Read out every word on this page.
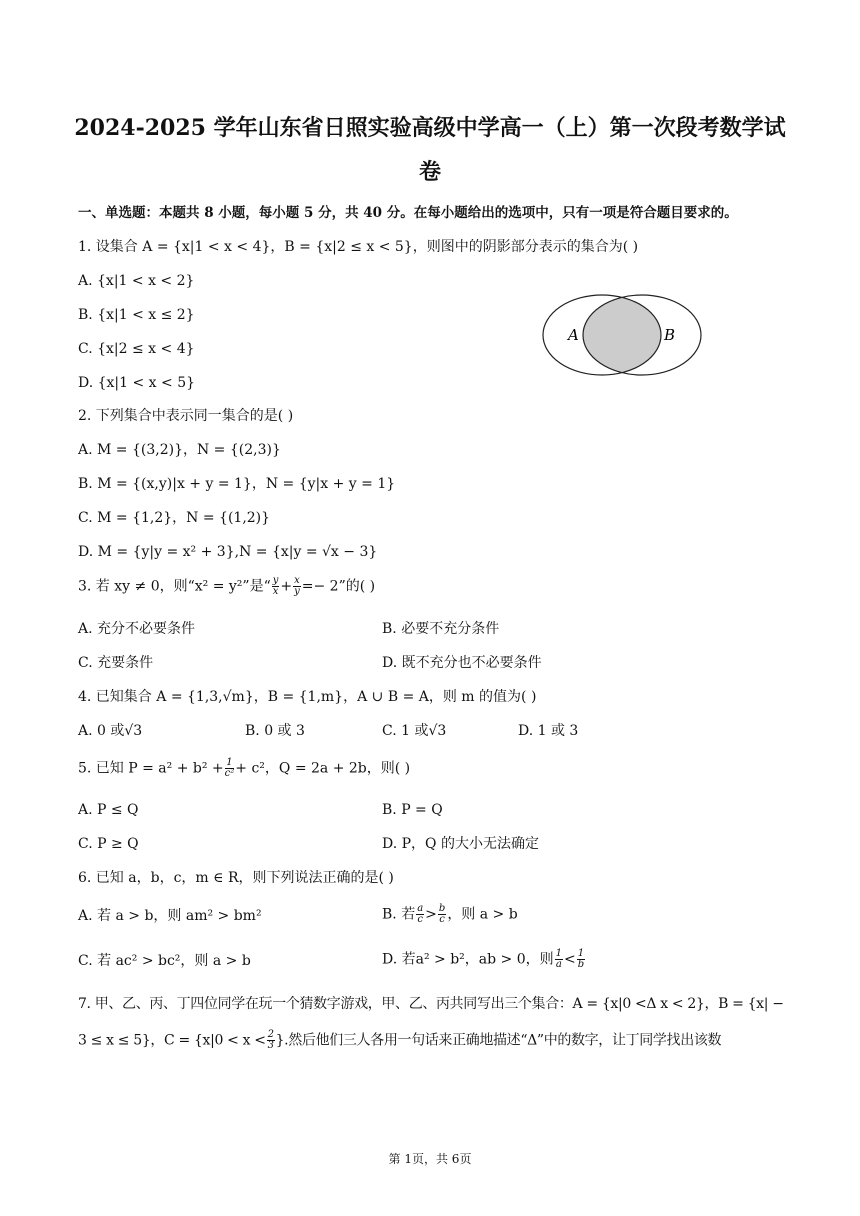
2024-2025 学年山东省日照实验高级中学高一（上）第一次段考数学试
卷
一、单选题：本题共 8 小题，每小题 5 分，共 40 分。在每小题给出的选项中，只有一项是符合题目要求的。
1. 设集合 A = {x|1 < x < 4}，B = {x|2 ≤ x < 5}，则图中的阴影部分表示的集合为( )
A. {x|1 < x < 2}
B. {x|1 < x ≤ 2}
C. {x|2 ≤ x < 4}
D. {x|1 < x < 5}
A	B
2. 下列集合中表示同一集合的是( )
A. M = {(3,2)}，N = {(2,3)}
B. M = {(x,y)|x + y = 1}，N = {y|x + y = 1}
C. M = {1,2}，N = {(1,2)}
D. M = {y|y = x² + 3},N = {x|y = √x − 3}
3. 若 xy ≠ 0，则“x² = y²”是“ $\frac{y}{x} + \frac{x}{y} =- 2$”的( )
A. 充分不必要条件	B. 必要不充分条件
C. 充要条件	D. 既不充分也不必要条件
4. 已知集合 A = {1,3,√m}，B = {1,m}，A ∪ B = A，则 m 的值为( )
A. 0 或√3	B. 0 或 3	C. 1 或√3	D. 1 或 3
5. 已知 $P = a^2 + b^2 + \frac{1}{\text{c²}} + c^2$，Q = 2a + 2b，则( )
A. P ≤ Q	B. P = Q
C. P ≥ Q	D. P，Q 的大小无法确定
6. 已知 a，b，c，m ∈ R，则下列说法正确的是( )
A. 若 a > b，则 am² > bm²	B. 若 $\frac{a}{c} > \frac{b}{c}$ ，则 a > b
C. 若 ac² > bc²，则 a > b	D. 若a² > b²，ab > 0，则 $\frac{1}{a} < \frac{1}{b}$
7. 甲、乙、丙、丁四位同学在玩一个猜数字游戏，甲、乙、丙共同写出三个集合：A = {x|0 <Δ x < 2}，B = {x| −
3 ≤ x ≤ 5}，$C = \{x|0 < x < \frac{2}{3}$ }.然后他们三人各用一句话来正确地描述“Δ”中的数字，让丁同学找出该数
第 1页，共 6页
